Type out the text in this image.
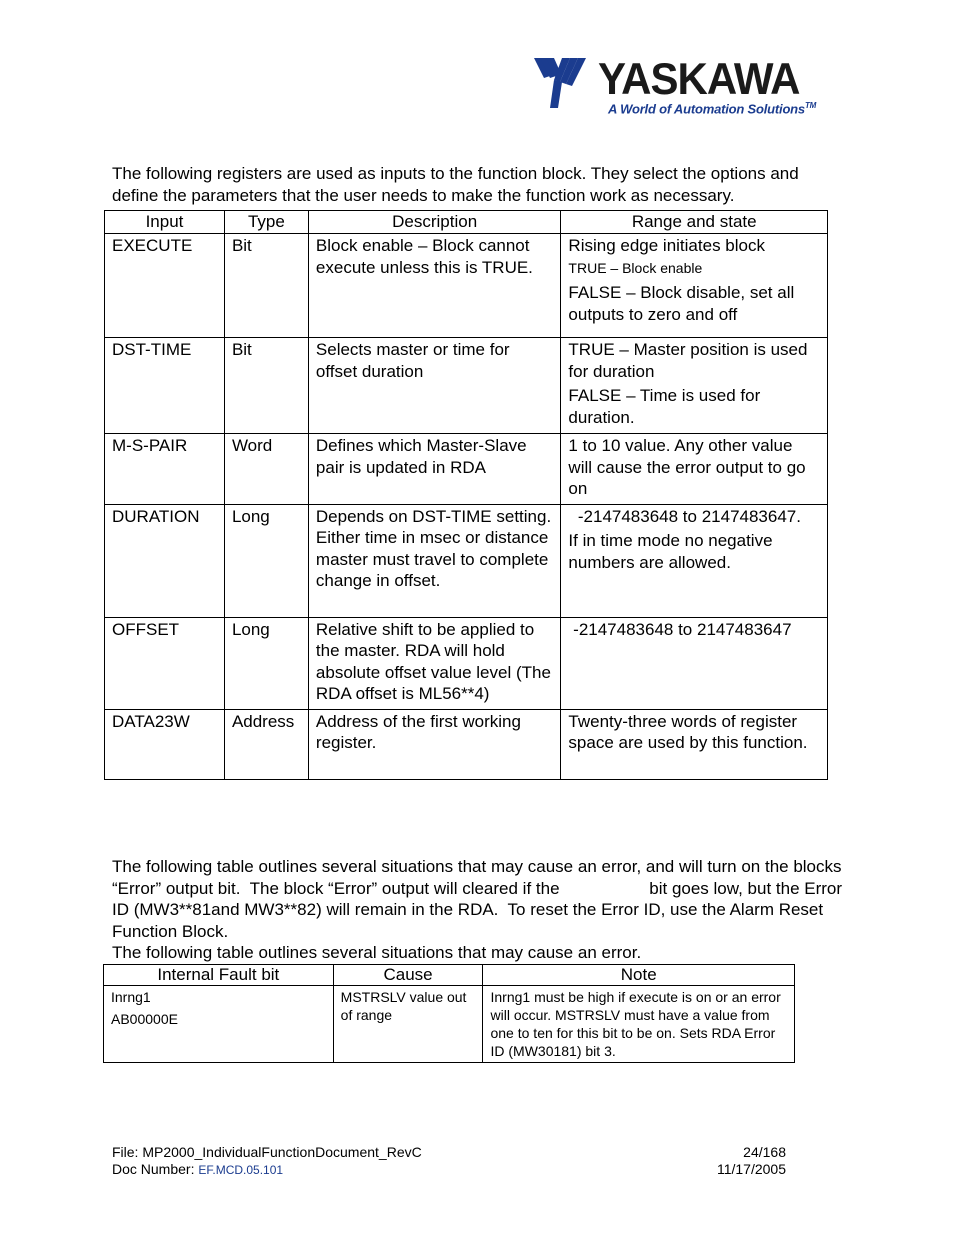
YASKAWA
A World of Automation Solutions™
The following registers are used as inputs to the function block. They select the options and define the parameters that the user needs to make the function work as necessary.
Input	Type	Description	Range and state
EXECUTE	Bit	Block enable – Block cannot execute unless this is TRUE.	Rising edge initiates block

TRUE – Block enable

FALSE – Block disable, set all outputs to zero and off

DST-TIME	Bit	Selects master or time for offset duration	TRUE – Master position is used for duration

FALSE – Time is used for duration.

M-S-PAIR	Word	Defines which Master-Slave pair is updated in RDA	1 to 10 value. Any other value will cause the error output to go on

DURATION	Long	Depends on DST-TIME setting. Either time in msec or distance master must travel to complete change in offset.	-2147483648 to 2147483647.

If in time mode no negative numbers are allowed.

OFFSET	Long	Relative shift to be applied to the master. RDA will hold absolute offset value level (The RDA offset is ML56**4)	-2147483648 to 2147483647

DATA23W	Address	Address of the first working register.	Twenty-three words of register space are used by this function.

The following table outlines several situations that may cause an error, and will turn on the blocks “Error” output bit.  The block “Error” output will cleared if the                   bit goes low, but the Error ID (MW3**81and MW3**82) will remain in the RDA.  To reset the Error ID, use the Alarm Reset Function Block.
The following table outlines several situations that may cause an error.
Internal Fault bit	Cause	Note

Inrng1

AB00000E	MSTRSLV value out of range	Inrng1 must be high if execute is on or an error will occur. MSTRSLV must have a value from one to ten for this bit to be on. Sets RDA Error ID (MW30181) bit 3.
File: MP2000_IndividualFunctionDocument_RevC
Doc Number: EF.MCD.05.101
24/168
11/17/2005
